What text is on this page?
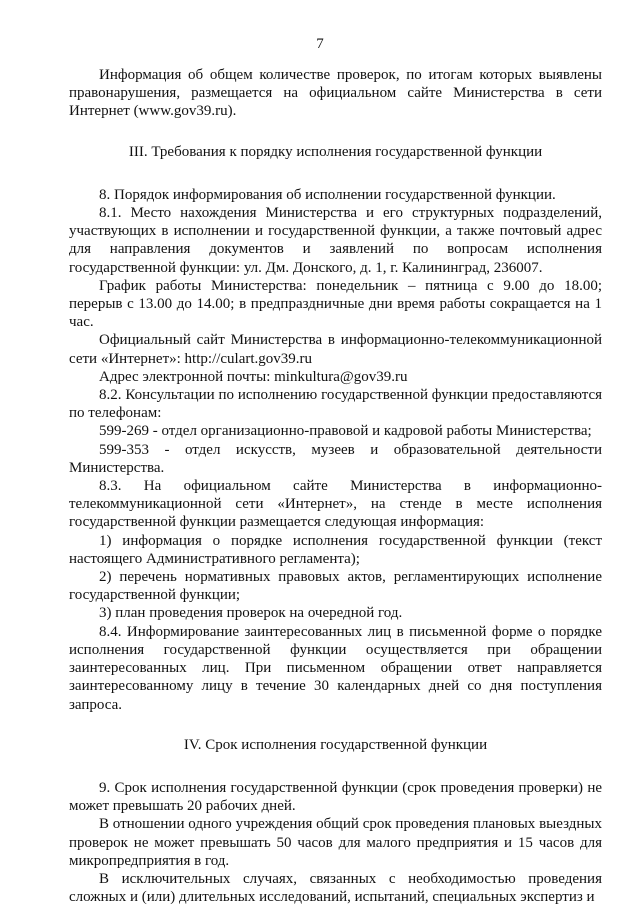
7

Информация об общем количестве проверок, по итогам которых выявлены правонарушения, размещается на официальном сайте Министерства в сети Интернет (www.gov39.ru).

III. Требования к порядку исполнения государственной функции

8. Порядок информирования об исполнении государственной функции.

8.1. Место нахождения Министерства и его структурных подразделений, участвующих в исполнении и государственной функции, а также почтовый адрес для направления документов и заявлений по вопросам исполнения государственной функции: ул. Дм. Донского, д. 1, г. Калининград, 236007.

График работы Министерства: понедельник – пятница с 9.00 до 18.00; перерыв с 13.00 до 14.00; в предпраздничные дни время работы сокращается на 1 час.

Официальный сайт Министерства в информационно-телекоммуникационной сети «Интернет»: http://culart.gov39.ru

Адрес электронной почты: minkultura@gov39.ru

8.2. Консультации по исполнению государственной функции предоставляются по телефонам:

599-269 - отдел организационно-правовой и кадровой работы Министерства;

599-353 - отдел искусств, музеев и образовательной деятельности Министерства.

8.3. На официальном сайте Министерства в информационно-телекоммуникационной сети «Интернет», на стенде в месте исполнения государственной функции размещается следующая информация:

1) информация о порядке исполнения государственной функции (текст настоящего Административного регламента);

2) перечень нормативных правовых актов, регламентирующих исполнение государственной функции;

3) план проведения проверок на очередной год.

8.4. Информирование заинтересованных лиц в письменной форме о порядке исполнения государственной функции осуществляется при обращении заинтересованных лиц. При письменном обращении ответ направляется заинтересованному лицу в течение 30 календарных дней со дня поступления запроса.

IV. Срок исполнения государственной функции

9. Срок исполнения государственной функции (срок проведения проверки) не может превышать 20 рабочих дней.

В отношении одного учреждения общий срок проведения плановых выездных проверок не может превышать 50 часов для малого предприятия и 15 часов для микропредприятия в год.

В исключительных случаях, связанных с необходимостью проведения сложных и (или) длительных исследований, испытаний, специальных экспертиз и
